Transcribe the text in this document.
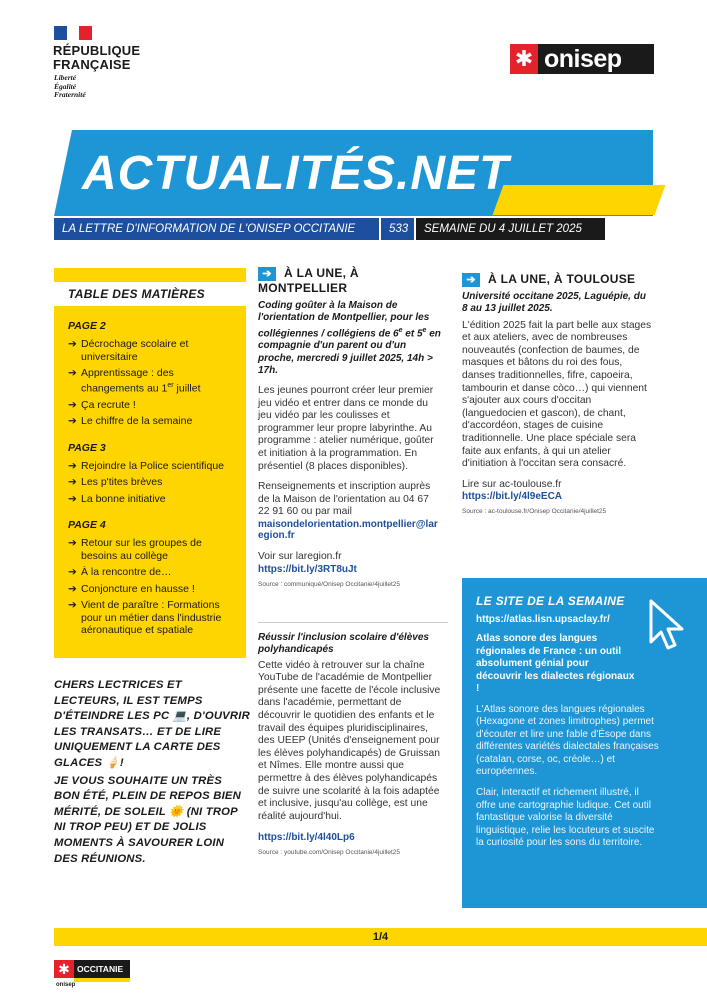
RÉPUBLIQUE FRANÇAISE
Liberté
Égalité
Fraternité
✱ onisep
ACTUALITÉS.NET
LA LETTRE D'INFORMATION DE L'ONISEP OCCITANIE	533	SEMAINE DU 4 JUILLET 2025
TABLE DES MATIÈRES
PAGE 2
➔ Décrochage scolaire et universitaire
➔ Apprentissage : des changements au 1er juillet
➔ Ça recrute !
➔ Le chiffre de la semaine
PAGE 3
➔ Rejoindre la Police scientifique
➔ Les p'tites brèves
➔ La bonne initiative
PAGE 4
➔ Retour sur les groupes de besoins au collège
➔ À la rencontre de…
➔ Conjoncture en hausse !
➔ Vient de paraître : Formations pour un métier dans l'industrie aéronautique et spatiale

CHERS LECTRICES ET LECTEURS, IL EST TEMPS D'ÉTEINDRE LES PC 💻, D'OUVRIR LES TRANSATS… ET DE LIRE UNIQUEMENT LA CARTE DES GLACES 🍦!

JE VOUS SOUHAITE UN TRÈS BON ÉTÉ, PLEIN DE REPOS BIEN MÉRITÉ, DE SOLEIL 🌞 (NI TROP NI TROP PEU) ET DE JOLIS MOMENTS À SAVOURER LOIN DES RÉUNIONS.

➔ À LA UNE, À MONTPELLIER
Coding goûter à la Maison de l'orientation de Montpellier, pour les collégiennes / collégiens de 6e et 5e en compagnie d'un parent ou d'un proche, mercredi 9 juillet 2025, 14h > 17h.
Les jeunes pourront créer leur premier jeu vidéo et entrer dans ce monde du jeu vidéo par les coulisses et programmer leur propre labyrinthe. Au programme : atelier numérique, goûter et initiation à la programmation. En présentiel (8 places disponibles).
Renseignements et inscription auprès de la Maison de l'orientation au 04 67 22 91 60 ou par mail
maisondelorientation.montpellier@laregion.fr
Voir sur laregion.fr
https://bit.ly/3RT8uJt
Source : communiqué/Onisep Occitanie/4juillet25
Réussir l'inclusion scolaire d'élèves polyhandicapés
Cette vidéo à retrouver sur la chaîne YouTube de l'académie de Montpellier présente une facette de l'école inclusive dans l'académie, permettant de découvrir le quotidien des enfants et le travail des équipes pluridisciplinaires, des UEEP (Unités d'enseignement pour les élèves polyhandicapés) de Gruissan et Nîmes. Elle montre aussi que permettre à des élèves polyhandicapés de suivre une scolarité à la fois adaptée et inclusive, jusqu'au collège, est une réalité aujourd'hui.
https://bit.ly/4l40Lp6
Source : youtube.com/Onisep Occitanie/4juillet25
➔ À LA UNE, À TOULOUSE
Université occitane 2025, Laguépie, du 8 au 13 juillet 2025.
L'édition 2025 fait la part belle aux stages et aux ateliers, avec de nombreuses nouveautés (confection de baumes, de masques et bâtons du roi des fous, danses traditionnelles, fifre, capoeira, tambourin et danse còco…) qui viennent s'ajouter aux cours d'occitan (languedocien et gascon), de chant, d'accordéon, stages de cuisine traditionnelle. Une place spéciale sera faite aux enfants, à qui un atelier d'initiation à l'occitan sera consacré.
Lire sur ac-toulouse.fr
https://bit.ly/4l9eECA
Source : ac-toulouse.fr/Onisep Occitanie/4juillet25
LE SITE DE LA SEMAINE
https://atlas.lisn.upsaclay.fr/
Atlas sonore des langues régionales de France : un outil absolument génial pour découvrir les dialectes régionaux !
L'Atlas sonore des langues régionales (Hexagone et zones limitrophes) permet d'écouter et lire une fable d'Ésope dans différentes variétés dialectales françaises (catalan, corse, oc, créole…) et européennes.
Clair, interactif et richement illustré, il offre une cartographie ludique. Cet outil fantastique valorise la diversité linguistique, relie les locuteurs et suscite la curiosité pour les sons du territoire.
1/4
✱ OCCITANIE
onisep
